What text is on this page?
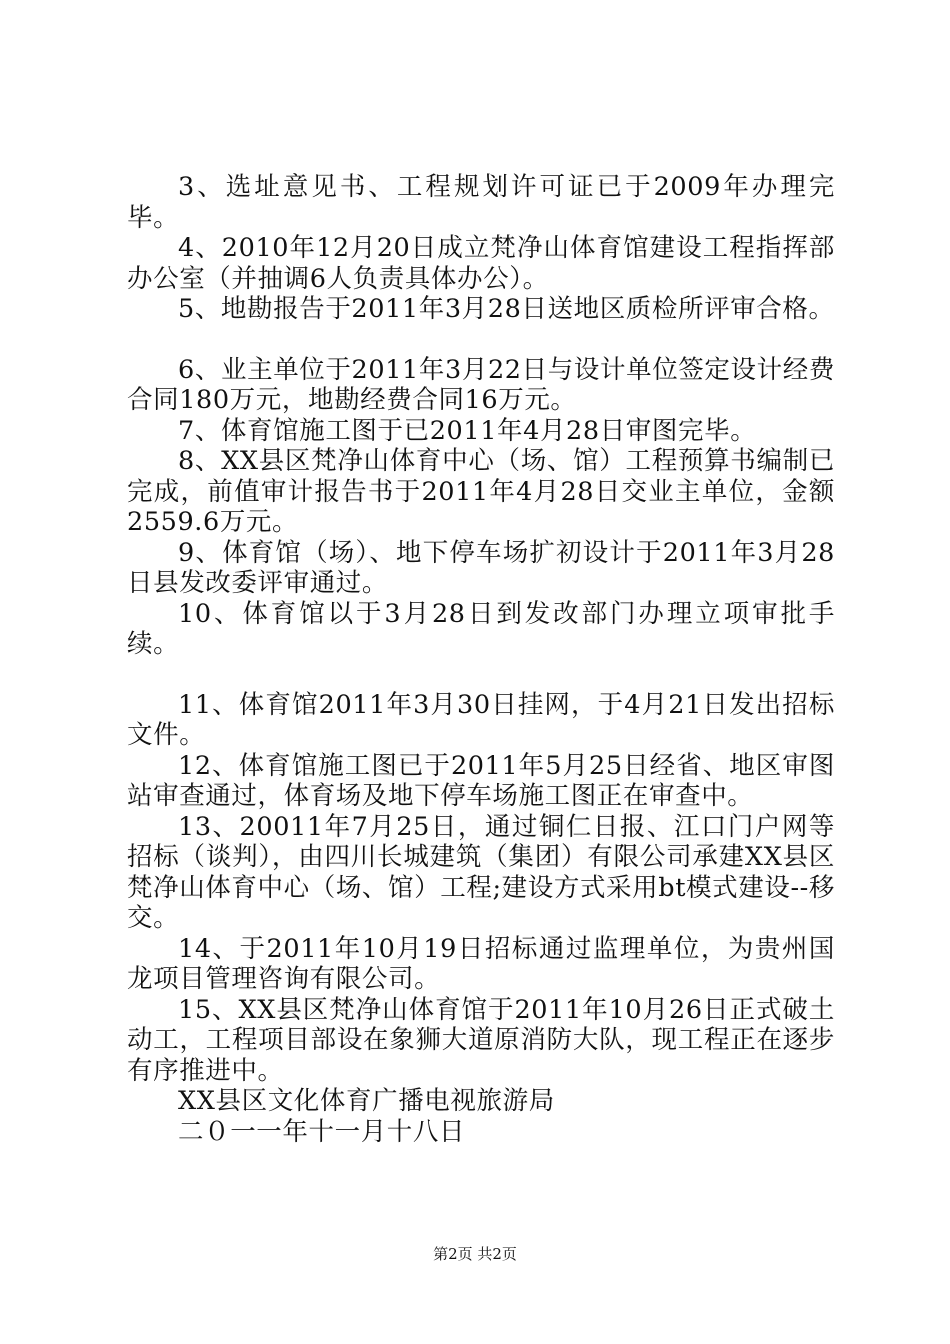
3、选址意见书、工程规划许可证已于2009年办理完毕。

4、2010年12月20日成立梵净山体育馆建设工程指挥部办公室（并抽调6人负责具体办公）。

5、地勘报告于2011年3月28日送地区质检所评审合格。

6、业主单位于2011年3月22日与设计单位签定设计经费合同180万元，地勘经费合同16万元。

7、体育馆施工图于已2011年4月28日审图完毕。

8、XX县区梵净山体育中心（场、馆）工程预算书编制已完成，前值审计报告书于2011年4月28日交业主单位，金额2559.6万元。

9、体育馆（场）、地下停车场扩初设计于2011年3月28日县发改委评审通过。

10、体育馆以于3月28日到发改部门办理立项审批手续。

11、体育馆2011年3月30日挂网，于4月21日发出招标文件。

12、体育馆施工图已于2011年5月25日经省、地区审图站审查通过，体育场及地下停车场施工图正在审查中。

13、20011年7月25日，通过铜仁日报、江口门户网等招标（谈判），由四川长城建筑（集团）有限公司承建XX县区梵净山体育中心（场、馆）工程;建设方式采用bt模式建设--移交。

14、于2011年10月19日招标通过监理单位，为贵州国龙项目管理咨询有限公司。

15、XX县区梵净山体育馆于2011年10月26日正式破土动工，工程项目部设在象狮大道原消防大队，现工程正在逐步有序推进中。

XX县区文化体育广播电视旅游局

二０一一年十一月十八日

第2页 共2页
